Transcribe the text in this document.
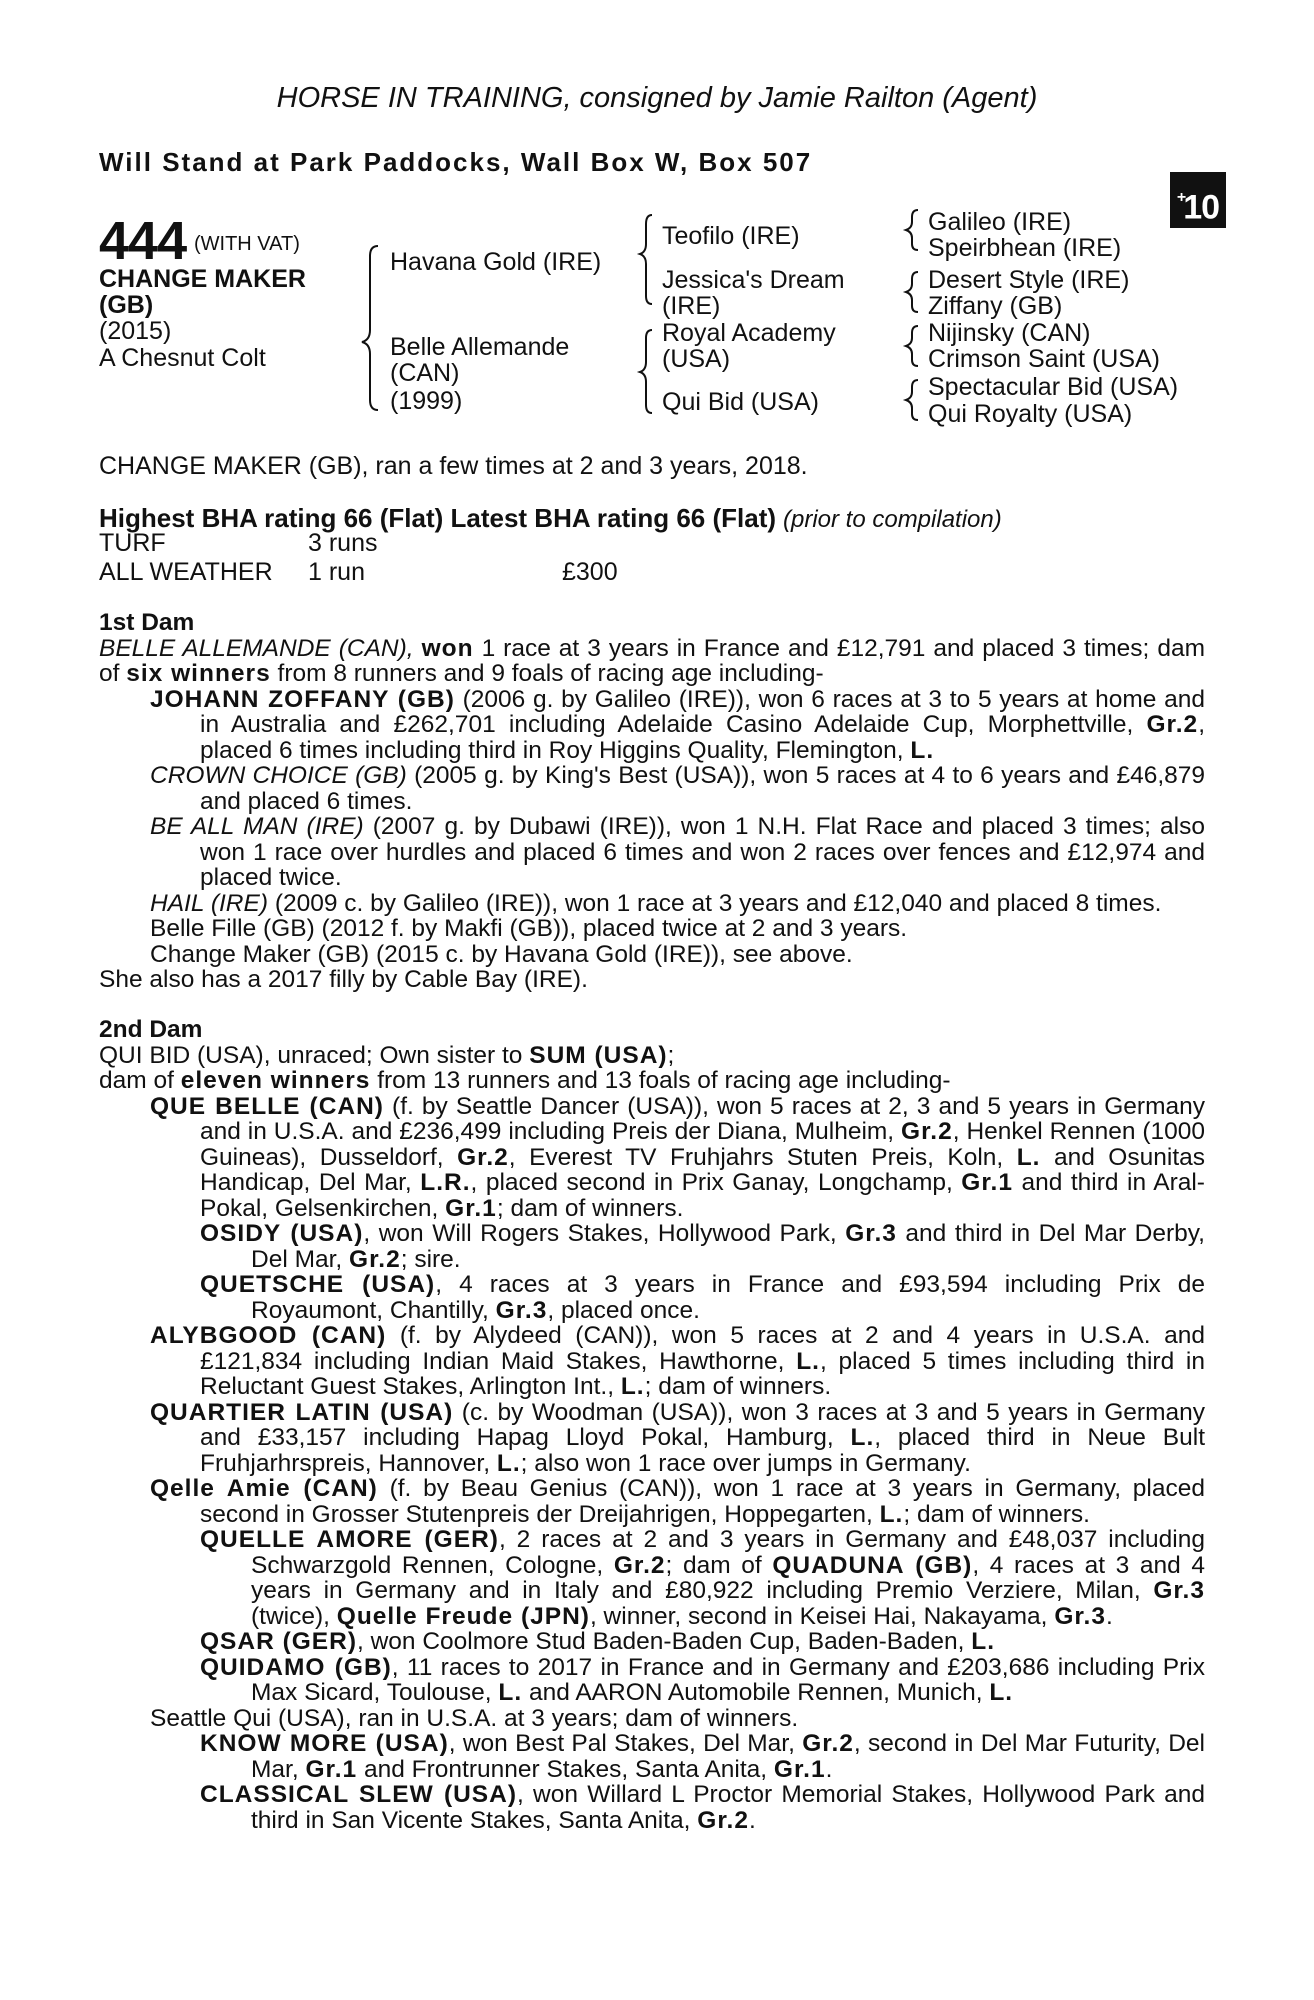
HORSE IN TRAINING, consigned by Jamie Railton (Agent)
Will Stand at Park Paddocks, Wall Box W, Box 507
+10
444 (WITH VAT)
CHANGE MAKER
(GB)
(2015)
A Chesnut Colt
Havana Gold (IRE)
Belle Allemande
(CAN)
(1999)
Teofilo (IRE)
Jessica's Dream
(IRE)
Royal Academy
(USA)
Qui Bid (USA)
Galileo (IRE)
Speirbhean (IRE)
Desert Style (IRE)
Ziffany (GB)
Nijinsky (CAN)
Crimson Saint (USA)
Spectacular Bid (USA)
Qui Royalty (USA)
CHANGE MAKER (GB), ran a few times at 2 and 3 years, 2018.
Highest BHA rating 66 (Flat) Latest BHA rating 66 (Flat) (prior to compilation)
TURF	3 runs
ALL WEATHER 1 run	£300

1st Dam

BELLE ALLEMANDE (CAN), won 1 race at 3 years in France and £12,791 and placed 3 times; dam of six winners from 8 runners and 9 foals of racing age including-

JOHANN ZOFFANY (GB) (2006 g. by Galileo (IRE)), won 6 races at 3 to 5 years at home and in Australia and £262,701 including Adelaide Casino Adelaide Cup, Morphettville, Gr.2, placed 6 times including third in Roy Higgins Quality, Flemington, L.

CROWN CHOICE (GB) (2005 g. by King's Best (USA)), won 5 races at 4 to 6 years and £46,879 and placed 6 times.

BE ALL MAN (IRE) (2007 g. by Dubawi (IRE)), won 1 N.H. Flat Race and placed 3 times; also won 1 race over hurdles and placed 6 times and won 2 races over fences and £12,974 and placed twice.

HAIL (IRE) (2009 c. by Galileo (IRE)), won 1 race at 3 years and £12,040 and placed 8 times.

Belle Fille (GB) (2012 f. by Makfi (GB)), placed twice at 2 and 3 years.

Change Maker (GB) (2015 c. by Havana Gold (IRE)), see above.

She also has a 2017 filly by Cable Bay (IRE).

2nd Dam

QUI BID (USA), unraced; Own sister to SUM (USA);
dam of eleven winners from 13 runners and 13 foals of racing age including-

QUE BELLE (CAN) (f. by Seattle Dancer (USA)), won 5 races at 2, 3 and 5 years in Germany and in U.S.A. and £236,499 including Preis der Diana, Mulheim, Gr.2, Henkel Rennen (1000 Guineas), Dusseldorf, Gr.2, Everest TV Fruhjahrs Stuten Preis, Koln, L. and Osunitas Handicap, Del Mar, L.R., placed second in Prix Ganay, Longchamp, Gr.1 and third in Aral-Pokal, Gelsenkirchen, Gr.1; dam of winners.

OSIDY (USA), won Will Rogers Stakes, Hollywood Park, Gr.3 and third in Del Mar Derby, Del Mar, Gr.2; sire.

QUETSCHE (USA), 4 races at 3 years in France and £93,594 including Prix de Royaumont, Chantilly, Gr.3, placed once.

ALYBGOOD (CAN) (f. by Alydeed (CAN)), won 5 races at 2 and 4 years in U.S.A. and £121,834 including Indian Maid Stakes, Hawthorne, L., placed 5 times including third in Reluctant Guest Stakes, Arlington Int., L.; dam of winners.

QUARTIER LATIN (USA) (c. by Woodman (USA)), won 3 races at 3 and 5 years in Germany and £33,157 including Hapag Lloyd Pokal, Hamburg, L., placed third in Neue Bult Fruhjarhrspreis, Hannover, L.; also won 1 race over jumps in Germany.

Qelle Amie (CAN) (f. by Beau Genius (CAN)), won 1 race at 3 years in Germany, placed second in Grosser Stutenpreis der Dreijahrigen, Hoppegarten, L.; dam of winners.

QUELLE AMORE (GER), 2 races at 2 and 3 years in Germany and £48,037 including Schwarzgold Rennen, Cologne, Gr.2; dam of QUADUNA (GB), 4 races at 3 and 4 years in Germany and in Italy and £80,922 including Premio Verziere, Milan, Gr.3 (twice), Quelle Freude (JPN), winner, second in Keisei Hai, Nakayama, Gr.3.

QSAR (GER), won Coolmore Stud Baden-Baden Cup, Baden-Baden, L.

QUIDAMO (GB), 11 races to 2017 in France and in Germany and £203,686 including Prix Max Sicard, Toulouse, L. and AARON Automobile Rennen, Munich, L.

Seattle Qui (USA), ran in U.S.A. at 3 years; dam of winners.

KNOW MORE (USA), won Best Pal Stakes, Del Mar, Gr.2, second in Del Mar Futurity, Del Mar, Gr.1 and Frontrunner Stakes, Santa Anita, Gr.1.

CLASSICAL SLEW (USA), won Willard L Proctor Memorial Stakes, Hollywood Park and third in San Vicente Stakes, Santa Anita, Gr.2.
